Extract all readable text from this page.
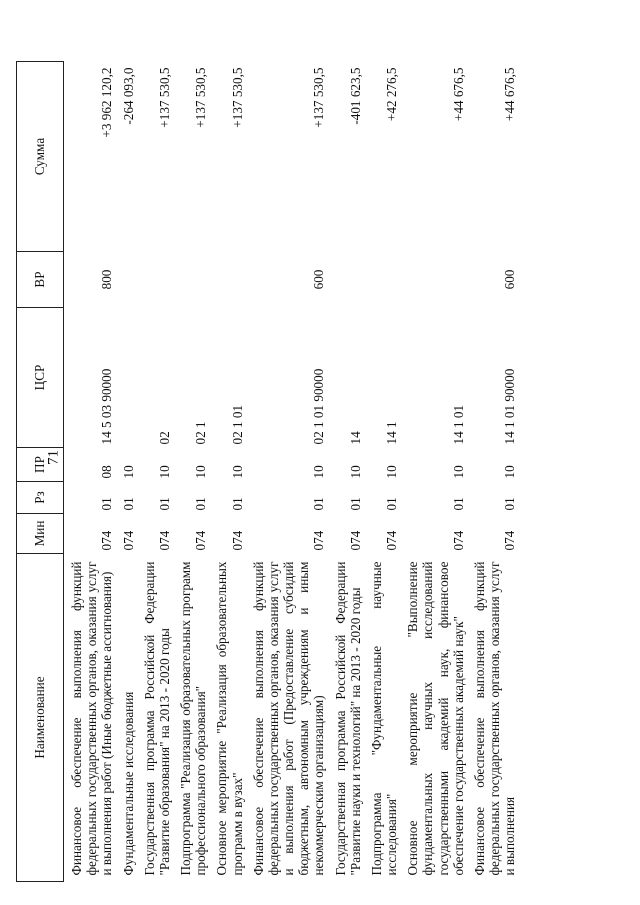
71
Наименование	Мин	Рз	ПР	ЦСР	ВР	Сумма
Финансовое обеспечение выполнения функций федеральных государственных органов, оказания услуг и выполнения работ (Иные бюджетные ассигнования)	074	01	08	14 5 03 90000	800	+3 962 120,2
Фундаментальные исследования	074	01	10			-264 093,0
Государственная программа Российской Федерации "Развитие образования" на 2013 - 2020 годы	074	01	10	02		+137 530,5
Подпрограмма "Реализация образовательных программ профессионального образования"	074	01	10	02 1		+137 530,5
Основное мероприятие "Реализация образовательных программ в вузах"	074	01	10	02 1 01		+137 530,5
Финансовое обеспечение выполнения функций федеральных государственных органов, оказания услуг и выполнения работ (Предоставление субсидий бюджетным, автономным учреждениям и иным некоммерческим организациям)	074	01	10	02 1 01 90000	600	+137 530,5
Государственная программа Российской Федерации "Развитие науки и технологий" на 2013 - 2020 годы	074	01	10	14		-401 623,5
Подпрограмма "Фундаментальные научные исследования"	074	01	10	14 1		+42 276,5
Основное мероприятие "Выполнение фундаментальных научных исследований государственными академий наук, финансовое обеспечение государственных академий наук"	074	01	10	14 1 01		+44 676,5
Финансовое обеспечение выполнения функций федеральных государственных органов, оказания услуг и выполнения	074	01	10	14 1 01 90000	600	+44 676,5
